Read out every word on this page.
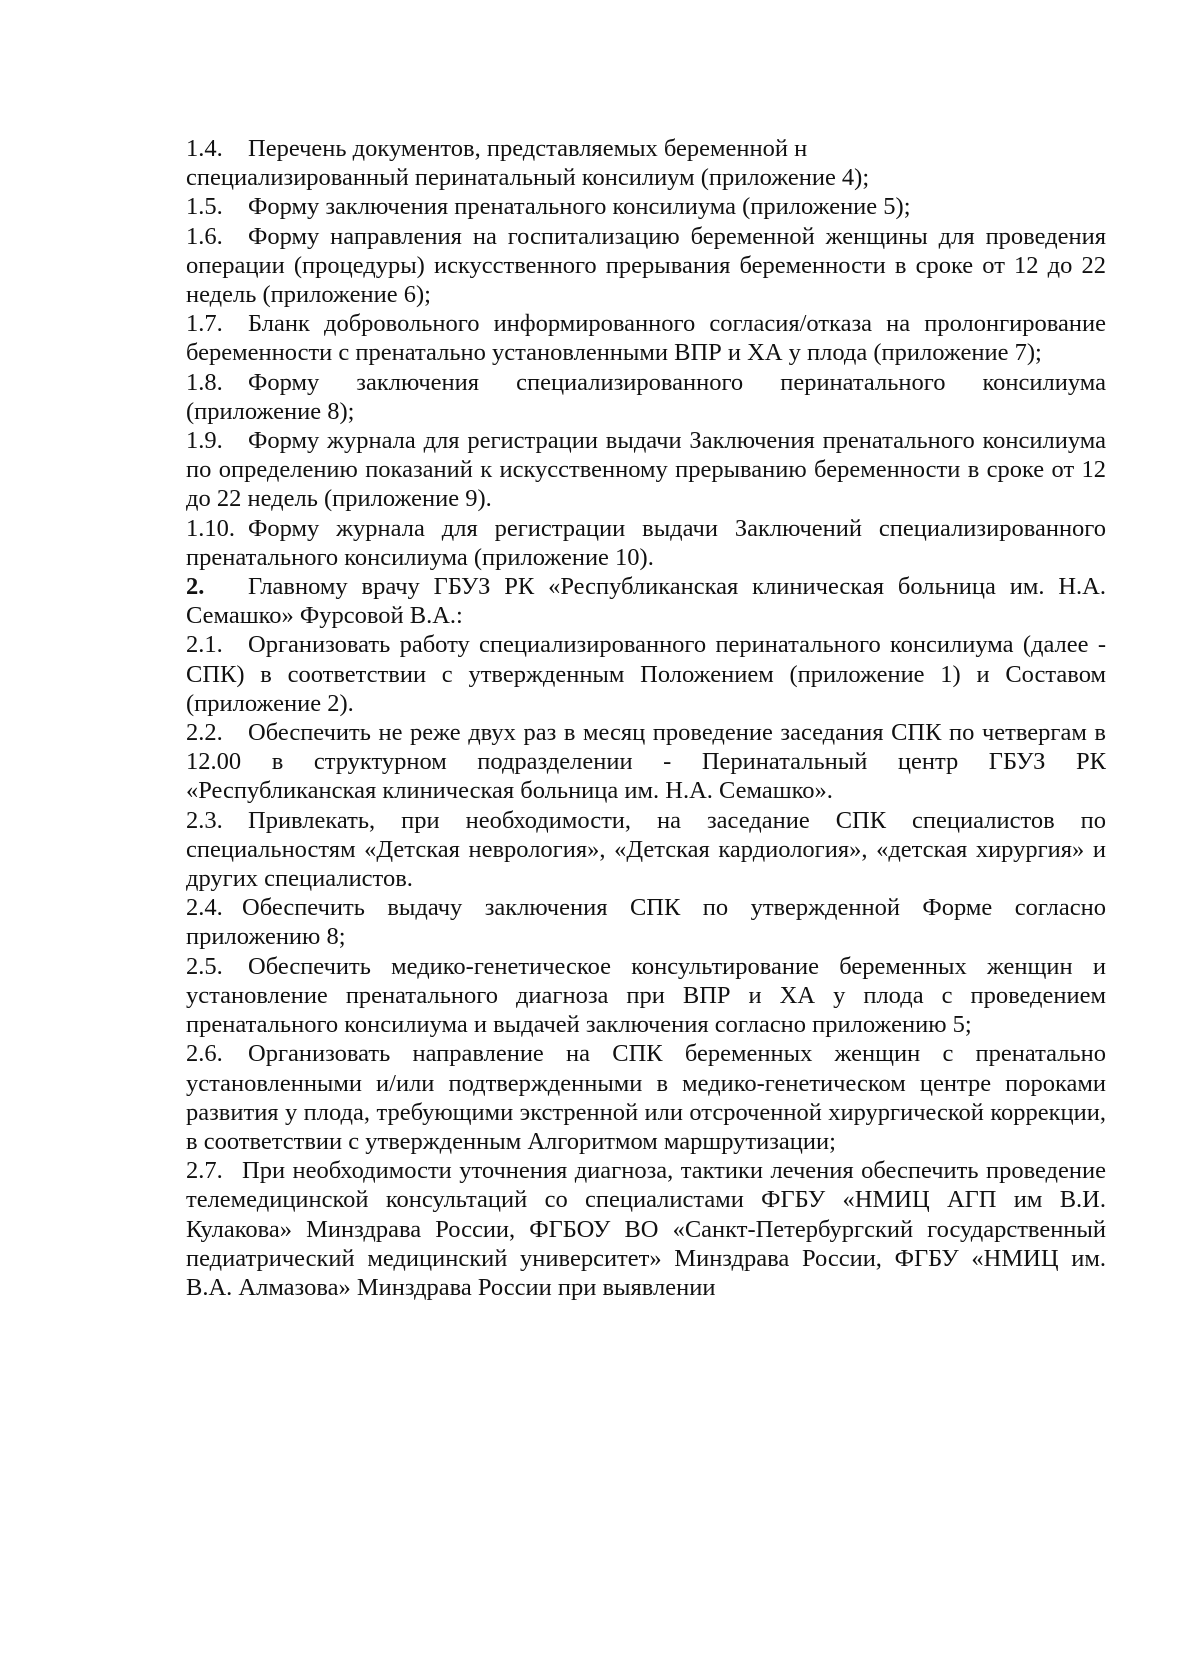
1.4. Перечень документов, представляемых беременной н
специализированный перинатальный консилиум (приложение 4);

1.5. Форму заключения пренатального консилиума (приложение 5);

1.6. Форму направления на госпитализацию беременной женщины для проведения операции (процедуры) искусственного прерывания беременности в сроке от 12 до 22 недель (приложение 6);

1.7. Бланк добровольного информированного согласия/отказа на пролонгирование беременности с пренатально установленными ВПР и ХА у плода (приложение 7);

1.8. Форму заключения специализированного перинатального консилиума (приложение 8);

1.9. Форму журнала для регистрации выдачи Заключения пренатального консилиума по определению показаний к искусственному прерыванию беременности в сроке от 12 до 22 недель (приложение 9).

1.10. Форму журнала для регистрации выдачи Заключений специализированного пренатального консилиума (приложение 10).

2. Главному врачу ГБУЗ РК «Республиканская клиническая больница им. Н.А. Семашко» Фурсовой В.А.:

2.1. Организовать работу специализированного перинатального консилиума (далее - СПК) в соответствии с утвержденным Положением (приложение 1) и Составом (приложение 2).

2.2. Обеспечить не реже двух раз в месяц проведение заседания СПК по четвергам в 12.00 в структурном подразделении - Перинатальный центр ГБУЗ РК «Республиканская клиническая больница им. Н.А. Семашко».

2.3. Привлекать, при необходимости, на заседание СПК специалистов по специальностям «Детская неврология», «Детская кардиология», «детская хирургия» и других специалистов.

2.4. Обеспечить выдачу заключения СПК по утвержденной Форме согласно приложению 8;

2.5. Обеспечить медико-генетическое консультирование беременных женщин и установление пренатального диагноза при ВПР и ХА у плода с проведением пренатального консилиума и выдачей заключения согласно приложению 5;

2.6. Организовать направление на СПК беременных женщин с пренатально установленными и/или подтвержденными в медико-генетическом центре пороками развития у плода, требующими экстренной или отсроченной хирургической коррекции, в соответствии с утвержденным Алгоритмом маршрутизации;

2.7. При необходимости уточнения диагноза, тактики лечения обеспечить проведение телемедицинской консультаций со специалистами ФГБУ «НМИЦ АГП им В.И. Кулакова» Минздрава России, ФГБОУ ВО «Санкт-Петербургский государственный педиатрический медицинский университет» Минздрава России, ФГБУ «НМИЦ им. В.А. Алмазова» Минздрава России при выявлении
